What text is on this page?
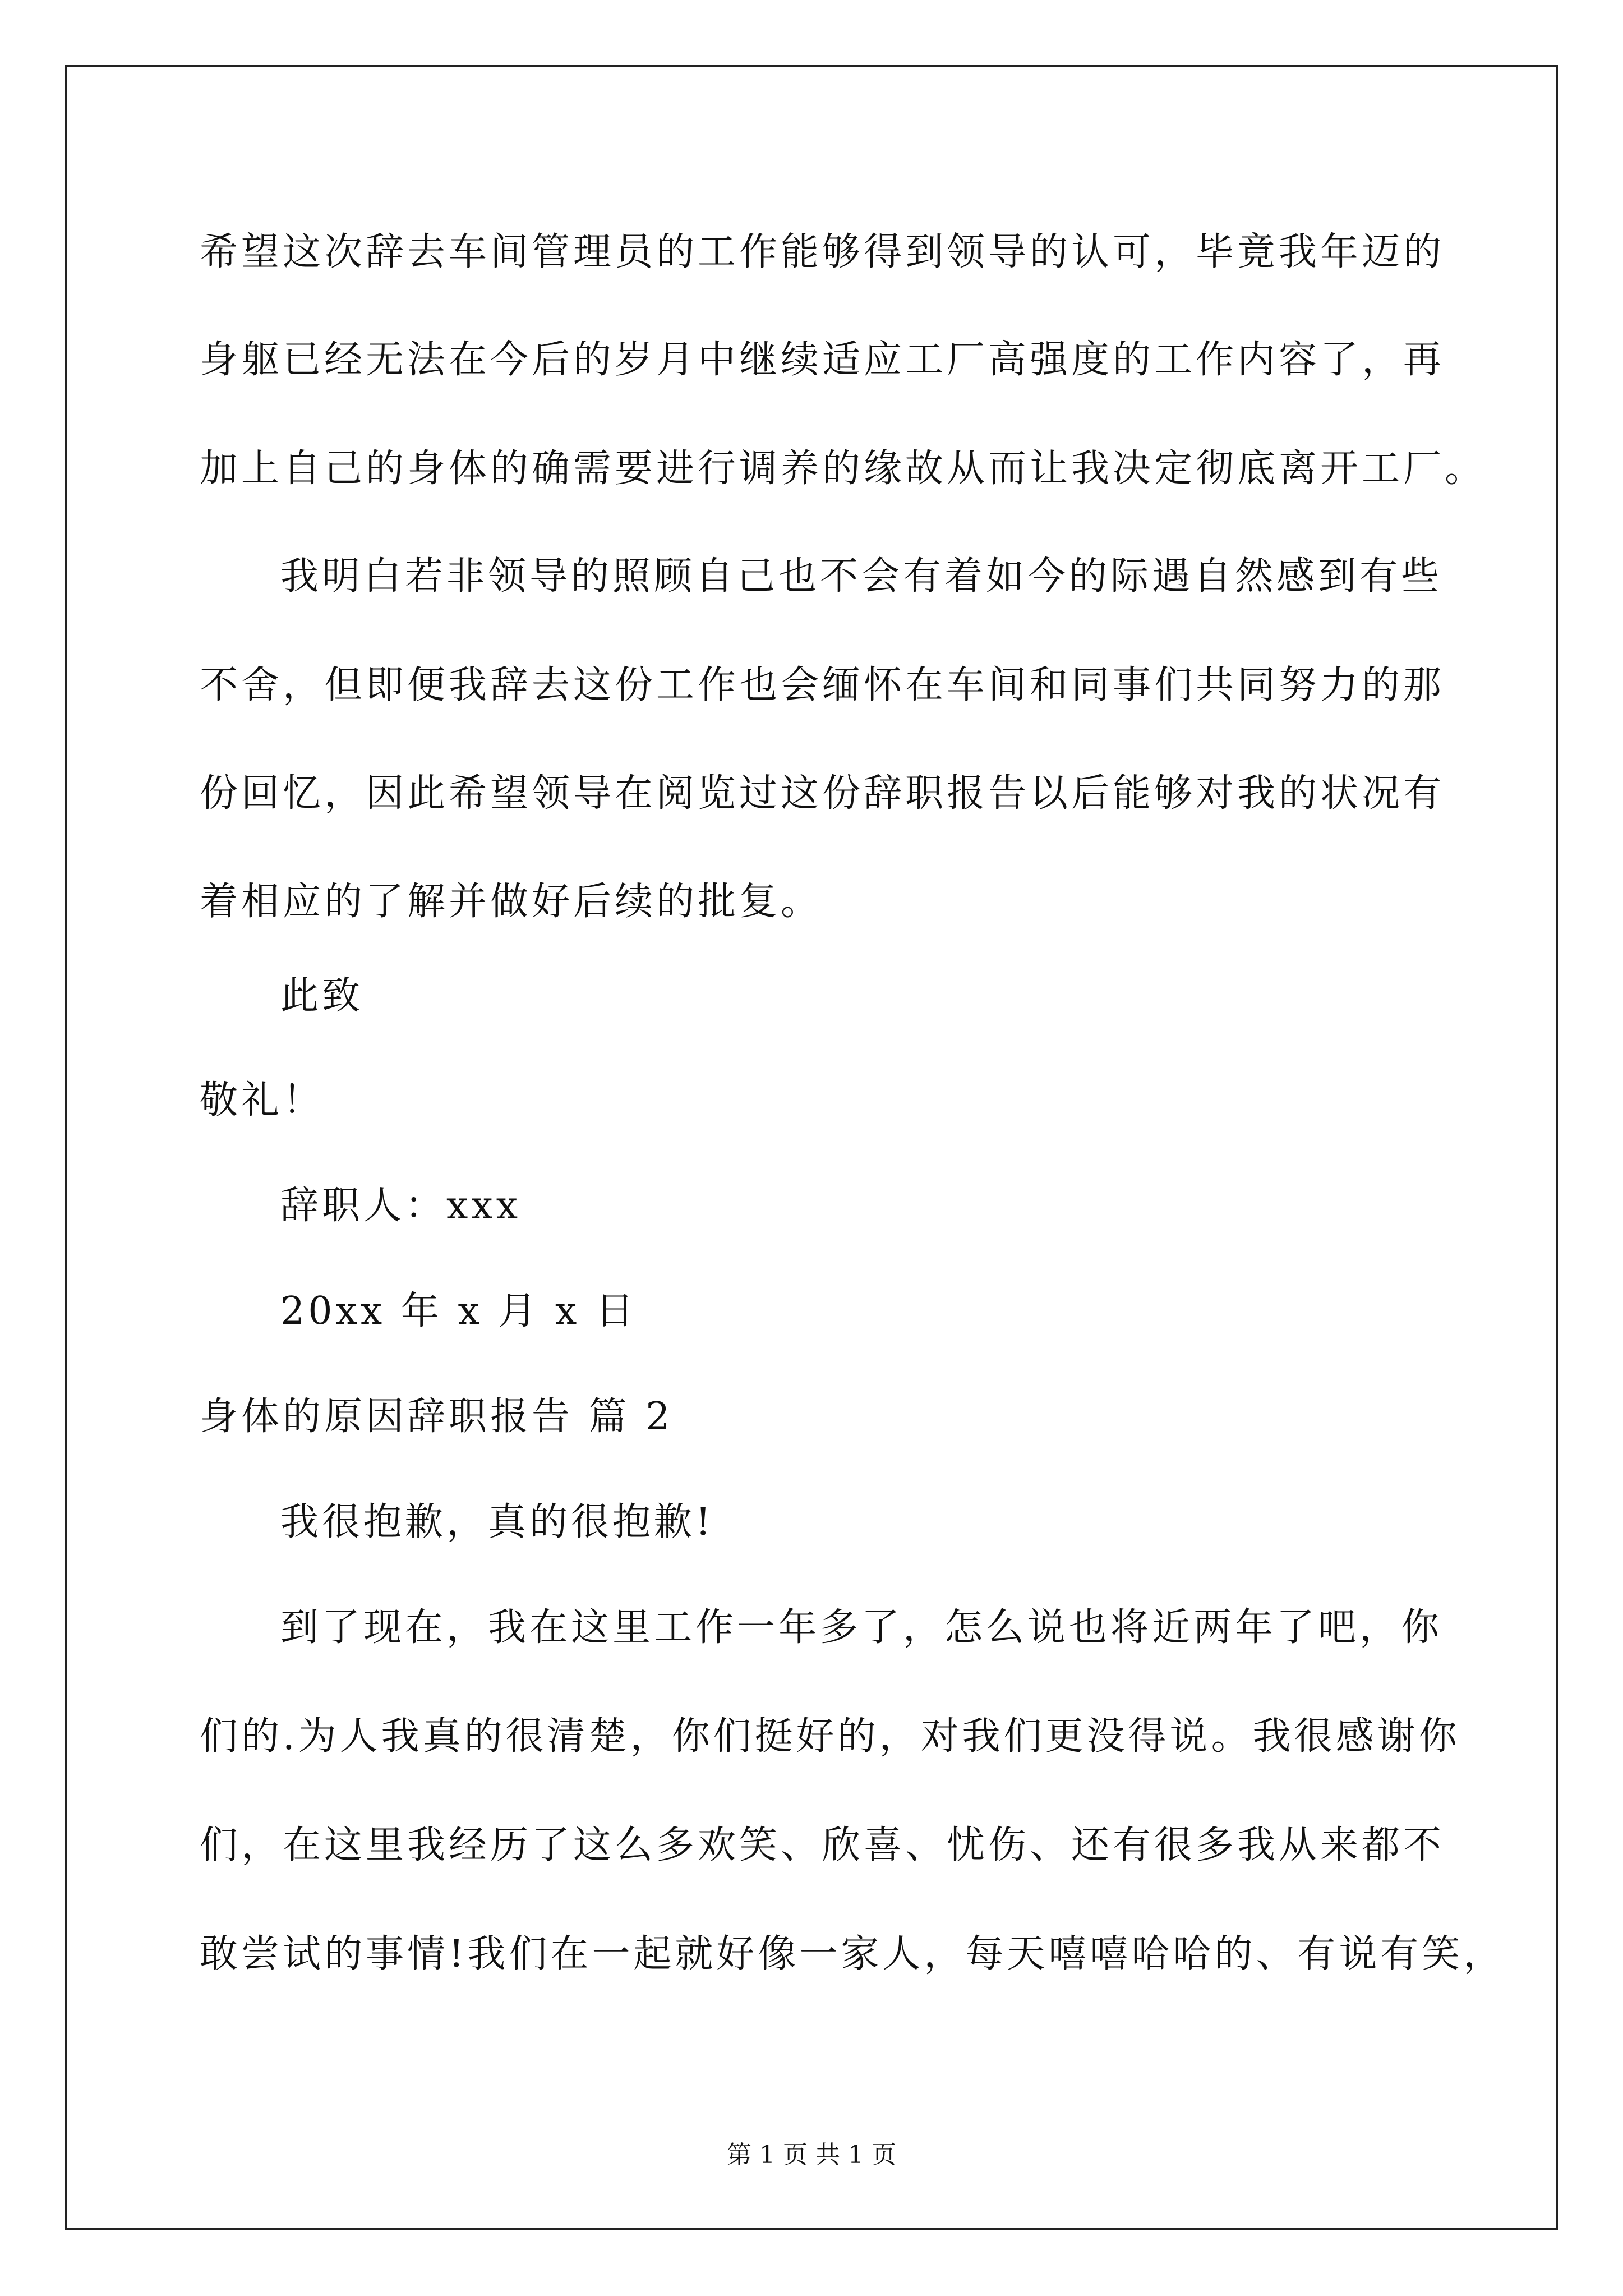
希望这次辞去车间管理员的工作能够得到领导的认可，毕竟我年迈的
身躯已经无法在今后的岁月中继续适应工厂高强度的工作内容了，再
加上自己的身体的确需要进行调养的缘故从而让我决定彻底离开工厂。
我明白若非领导的照顾自己也不会有着如今的际遇自然感到有些
不舍，但即便我辞去这份工作也会缅怀在车间和同事们共同努力的那
份回忆，因此希望领导在阅览过这份辞职报告以后能够对我的状况有
着相应的了解并做好后续的批复。
此致
敬礼！
辞职人：xxx
20xx 年 x 月 x 日
身体的原因辞职报告 篇 2
我很抱歉，真的很抱歉!
到了现在，我在这里工作一年多了，怎么说也将近两年了吧，你
们的.为人我真的很清楚，你们挺好的，对我们更没得说。我很感谢你
们，在这里我经历了这么多欢笑、欣喜、忧伤、还有很多我从来都不
敢尝试的事情!我们在一起就好像一家人，每天嘻嘻哈哈的、有说有笑，
第 1 页 共 1 页
